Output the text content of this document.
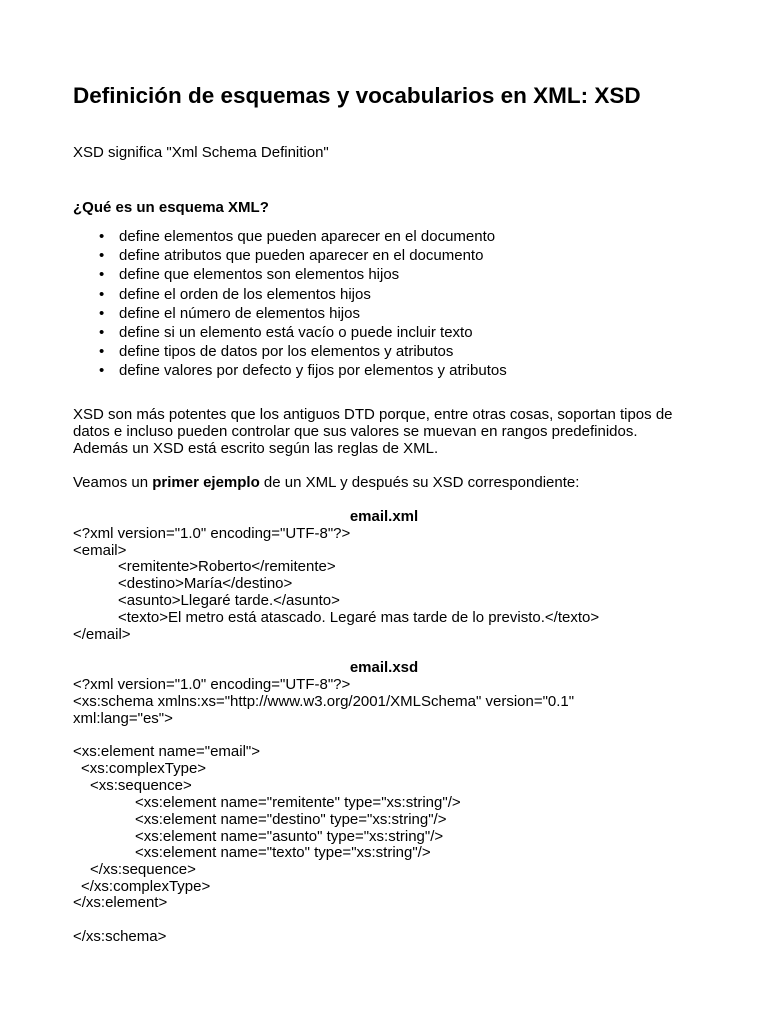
Definición de esquemas y vocabularios en XML: XSD
XSD significa "Xml Schema Definition"
¿Qué es un esquema XML?
• define elementos que pueden aparecer en el documento
• define atributos que pueden aparecer en el documento
• define que elementos son elementos hijos
• define el orden de los elementos hijos
• define el número de elementos hijos
• define si un elemento está vacío o puede incluir texto
• define tipos de datos por los elementos y atributos
• define valores por defecto y fijos por elementos y atributos
XSD son más potentes que los antiguos DTD porque, entre otras cosas, soportan tipos de
datos e incluso pueden controlar que sus valores se muevan en rangos predefinidos.
Además un XSD está escrito según las reglas de XML.
Veamos un primer ejemplo de un XML y después su XSD correspondiente:
email.xml
<?xml version="1.0" encoding="UTF-8"?>
<email>
<remitente>Roberto</remitente>
<destino>María</destino>
<asunto>Llegaré tarde.</asunto>
<texto>El metro está atascado. Legaré mas tarde de lo previsto.</texto>
</email>
email.xsd
<?xml version="1.0" encoding="UTF-8"?>
<xs:schema xmlns:xs="http://www.w3.org/2001/XMLSchema" version="0.1"
xml:lang="es">
<xs:element name="email">
<xs:complexType>
<xs:sequence>
<xs:element name="remitente" type="xs:string"/>
<xs:element name="destino" type="xs:string"/>
<xs:element name="asunto" type="xs:string"/>
<xs:element name="texto" type="xs:string"/>
</xs:sequence>
</xs:complexType>
</xs:element>
</xs:schema>
